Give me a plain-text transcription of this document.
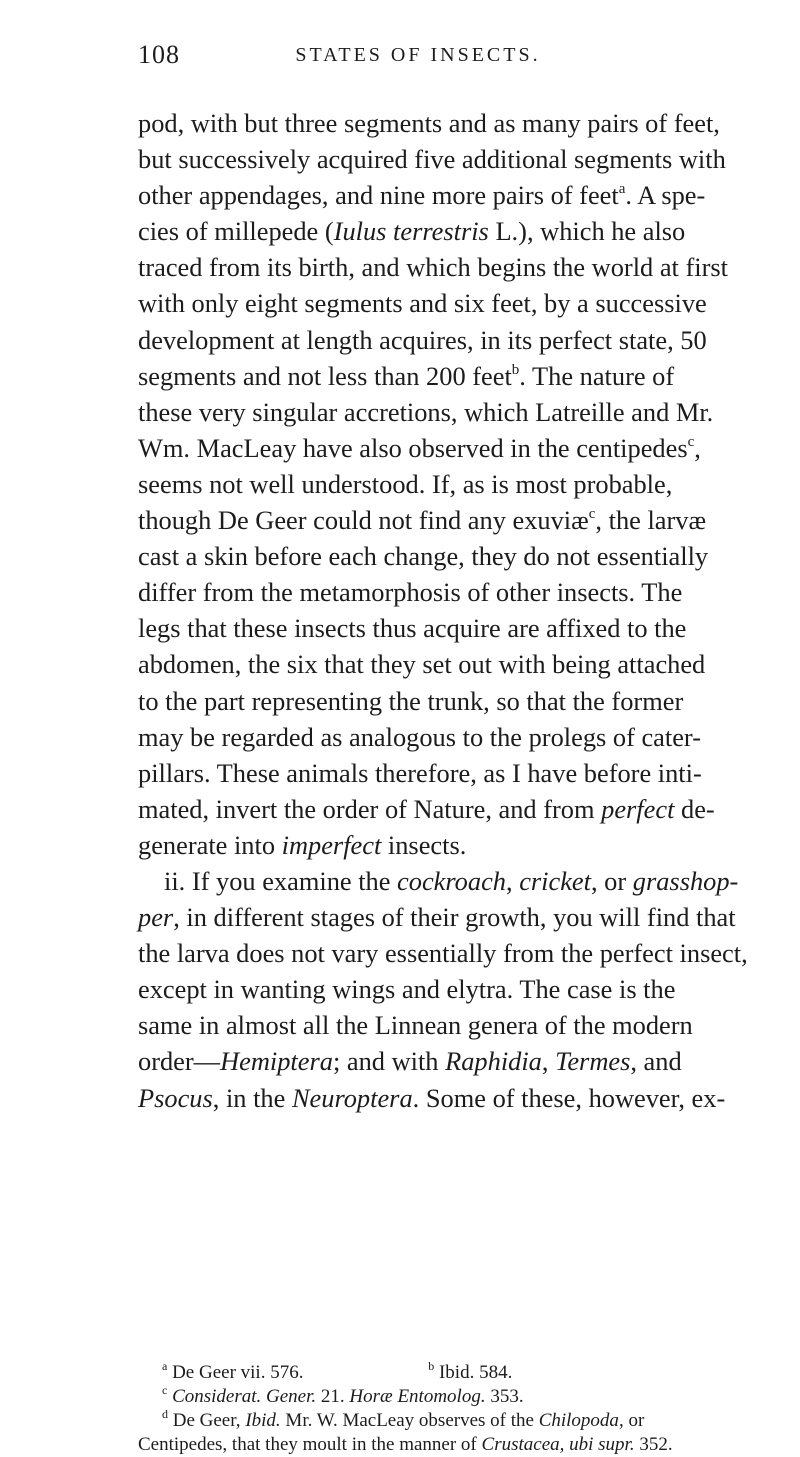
108	STATES OF INSECTS.
pod, with but three segments and as many pairs of feet,
but successively acquired five additional segments with
other appendages, and nine more pairs of feet$^a$. A spe-
cies of millepede (Iulus terrestris L.), which he also
traced from its birth, and which begins the world at first
with only eight segments and six feet, by a successive
development at length acquires, in its perfect state, 50
segments and not less than 200 feet$^b$. The nature of
these very singular accretions, which Latreille and Mr.
Wm. MacLeay have also observed in the centipedes$^c$,
seems not well understood. If, as is most probable,
though De Geer could not find any exuviæ$^c$, the larvæ
cast a skin before each change, they do not essentially
differ from the metamorphosis of other insects. The
legs that these insects thus acquire are affixed to the
abdomen, the six that they set out with being attached
to the part representing the trunk, so that the former
may be regarded as analogous to the prolegs of cater-
pillars. These animals therefore, as I have before inti-
mated, invert the order of Nature, and from perfect de-
generate into imperfect insects.
ii. If you examine the cockroach, cricket, or grasshop-
per, in different stages of their growth, you will find that
the larva does not vary essentially from the perfect insect,
except in wanting wings and elytra. The case is the
same in almost all the Linnean genera of the modern
order—Hemiptera; and with Raphidia, Termes, and
Psocus, in the Neuroptera. Some of these, however, ex-
$^a$ De Geer vii. 576.	$^b$ Ibid. 584.
$^c$ Considerat. Gener. 21. Horæ Entomolog. 353.
$^d$ De Geer, Ibid. Mr. W. MacLeay observes of the Chilopoda, or
Centipedes, that they moult in the manner of Crustacea, ubi supr. 352.
